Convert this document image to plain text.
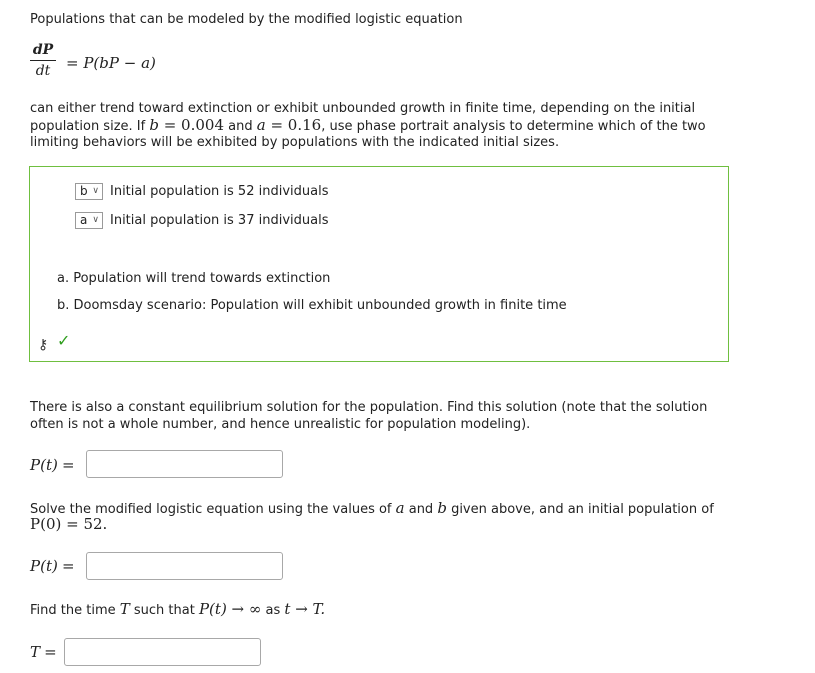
Populations that can be modeled by the modified logistic equation
dP
dt	= P(bP − a)
can either trend toward extinction or exhibit unbounded growth in finite time, depending on the initial
population size. If b = 0.004 and a = 0.16, use phase portrait analysis to determine which of the two
limiting behaviors will be exhibited by populations with the indicated initial sizes.
b ∨ Initial population is 52 individuals
a ∨ Initial population is 37 individuals
a. Population will trend towards extinction
b. Doomsday scenario: Population will exhibit unbounded growth in finite time
⚷ ✓
There is also a constant equilibrium solution for the population. Find this solution (note that the solution
often is not a whole number, and hence unrealistic for population modeling).
P(t) =
Solve the modified logistic equation using the values of a and b given above, and an initial population of
P(0) = 52.
P(t) =
Find the time T such that P(t) → ∞ as t → T.
T =
